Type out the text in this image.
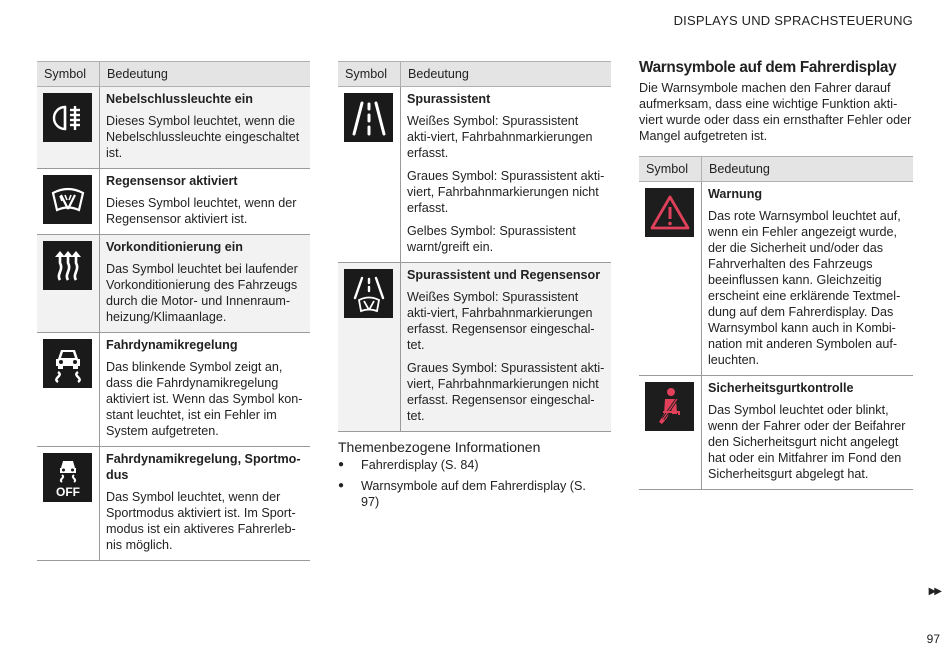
DISPLAYS UND SPRACHSTEUERUNG
Symbol	Bedeutung

Nebelschlussleuchte ein
Dieses Symbol leuchtet, wenn die Nebelschlussleuchte eingeschaltet ist.

Regensensor aktiviert
Dieses Symbol leuchtet, wenn der Regensensor aktiviert ist.

Vorkonditionierung ein
Das Symbol leuchtet bei laufender Vorkonditionierung des Fahrzeugs durch die Motor- und Innenraum-heizung/Klimaanlage.

Fahrdynamikregelung
Das blinkende Symbol zeigt an, dass die Fahrdynamikregelung aktiviert ist. Wenn das Symbol kon-stant leuchtet, ist ein Fehler im System aufgetreten.

OFF	Fahrdynamikregelung, Sportmo-dus
Das Symbol leuchtet, wenn der Sportmodus aktiviert ist. Im Sport-modus ist ein aktiveres Fahrerleb-nis möglich.
Symbol	Bedeutung

Spurassistent
Weißes Symbol: Spurassistent akti-viert, Fahrbahnmarkierungen erfasst.
Graues Symbol: Spurassistent akti-viert, Fahrbahnmarkierungen nicht erfasst.
Gelbes Symbol: Spurassistent warnt/greift ein.

Spurassistent und Regensensor
Weißes Symbol: Spurassistent akti-viert, Fahrbahnmarkierungen erfasst. Regensensor eingeschal-tet.
Graues Symbol: Spurassistent akti-viert, Fahrbahnmarkierungen nicht erfasst. Regensensor eingeschal-tet.
Themenbezogene Informationen
●	Fahrerdisplay (S. 84)
●	Warnsymbole auf dem Fahrerdisplay (S. 97)
Warnsymbole auf dem Fahrerdisplay
Die Warnsymbole machen den Fahrer darauf aufmerksam, dass eine wichtige Funktion akti-viert wurde oder dass ein ernsthafter Fehler oder Mangel aufgetreten ist.
Symbol	Bedeutung

Warnung
Das rote Warnsymbol leuchtet auf, wenn ein Fehler angezeigt wurde, der die Sicherheit und/oder das Fahrverhalten des Fahrzeugs beeinflussen kann. Gleichzeitig erscheint eine erklärende Textmel-dung auf dem Fahrerdisplay. Das Warnsymbol kann auch in Kombi-nation mit anderen Symbolen auf-leuchten.

Sicherheitsgurtkontrolle
Das Symbol leuchtet oder blinkt, wenn der Fahrer oder der Beifahrer den Sicherheitsgurt nicht angelegt hat oder ein Mitfahrer im Fond den Sicherheitsgurt abgelegt hat.
▶▶
97
